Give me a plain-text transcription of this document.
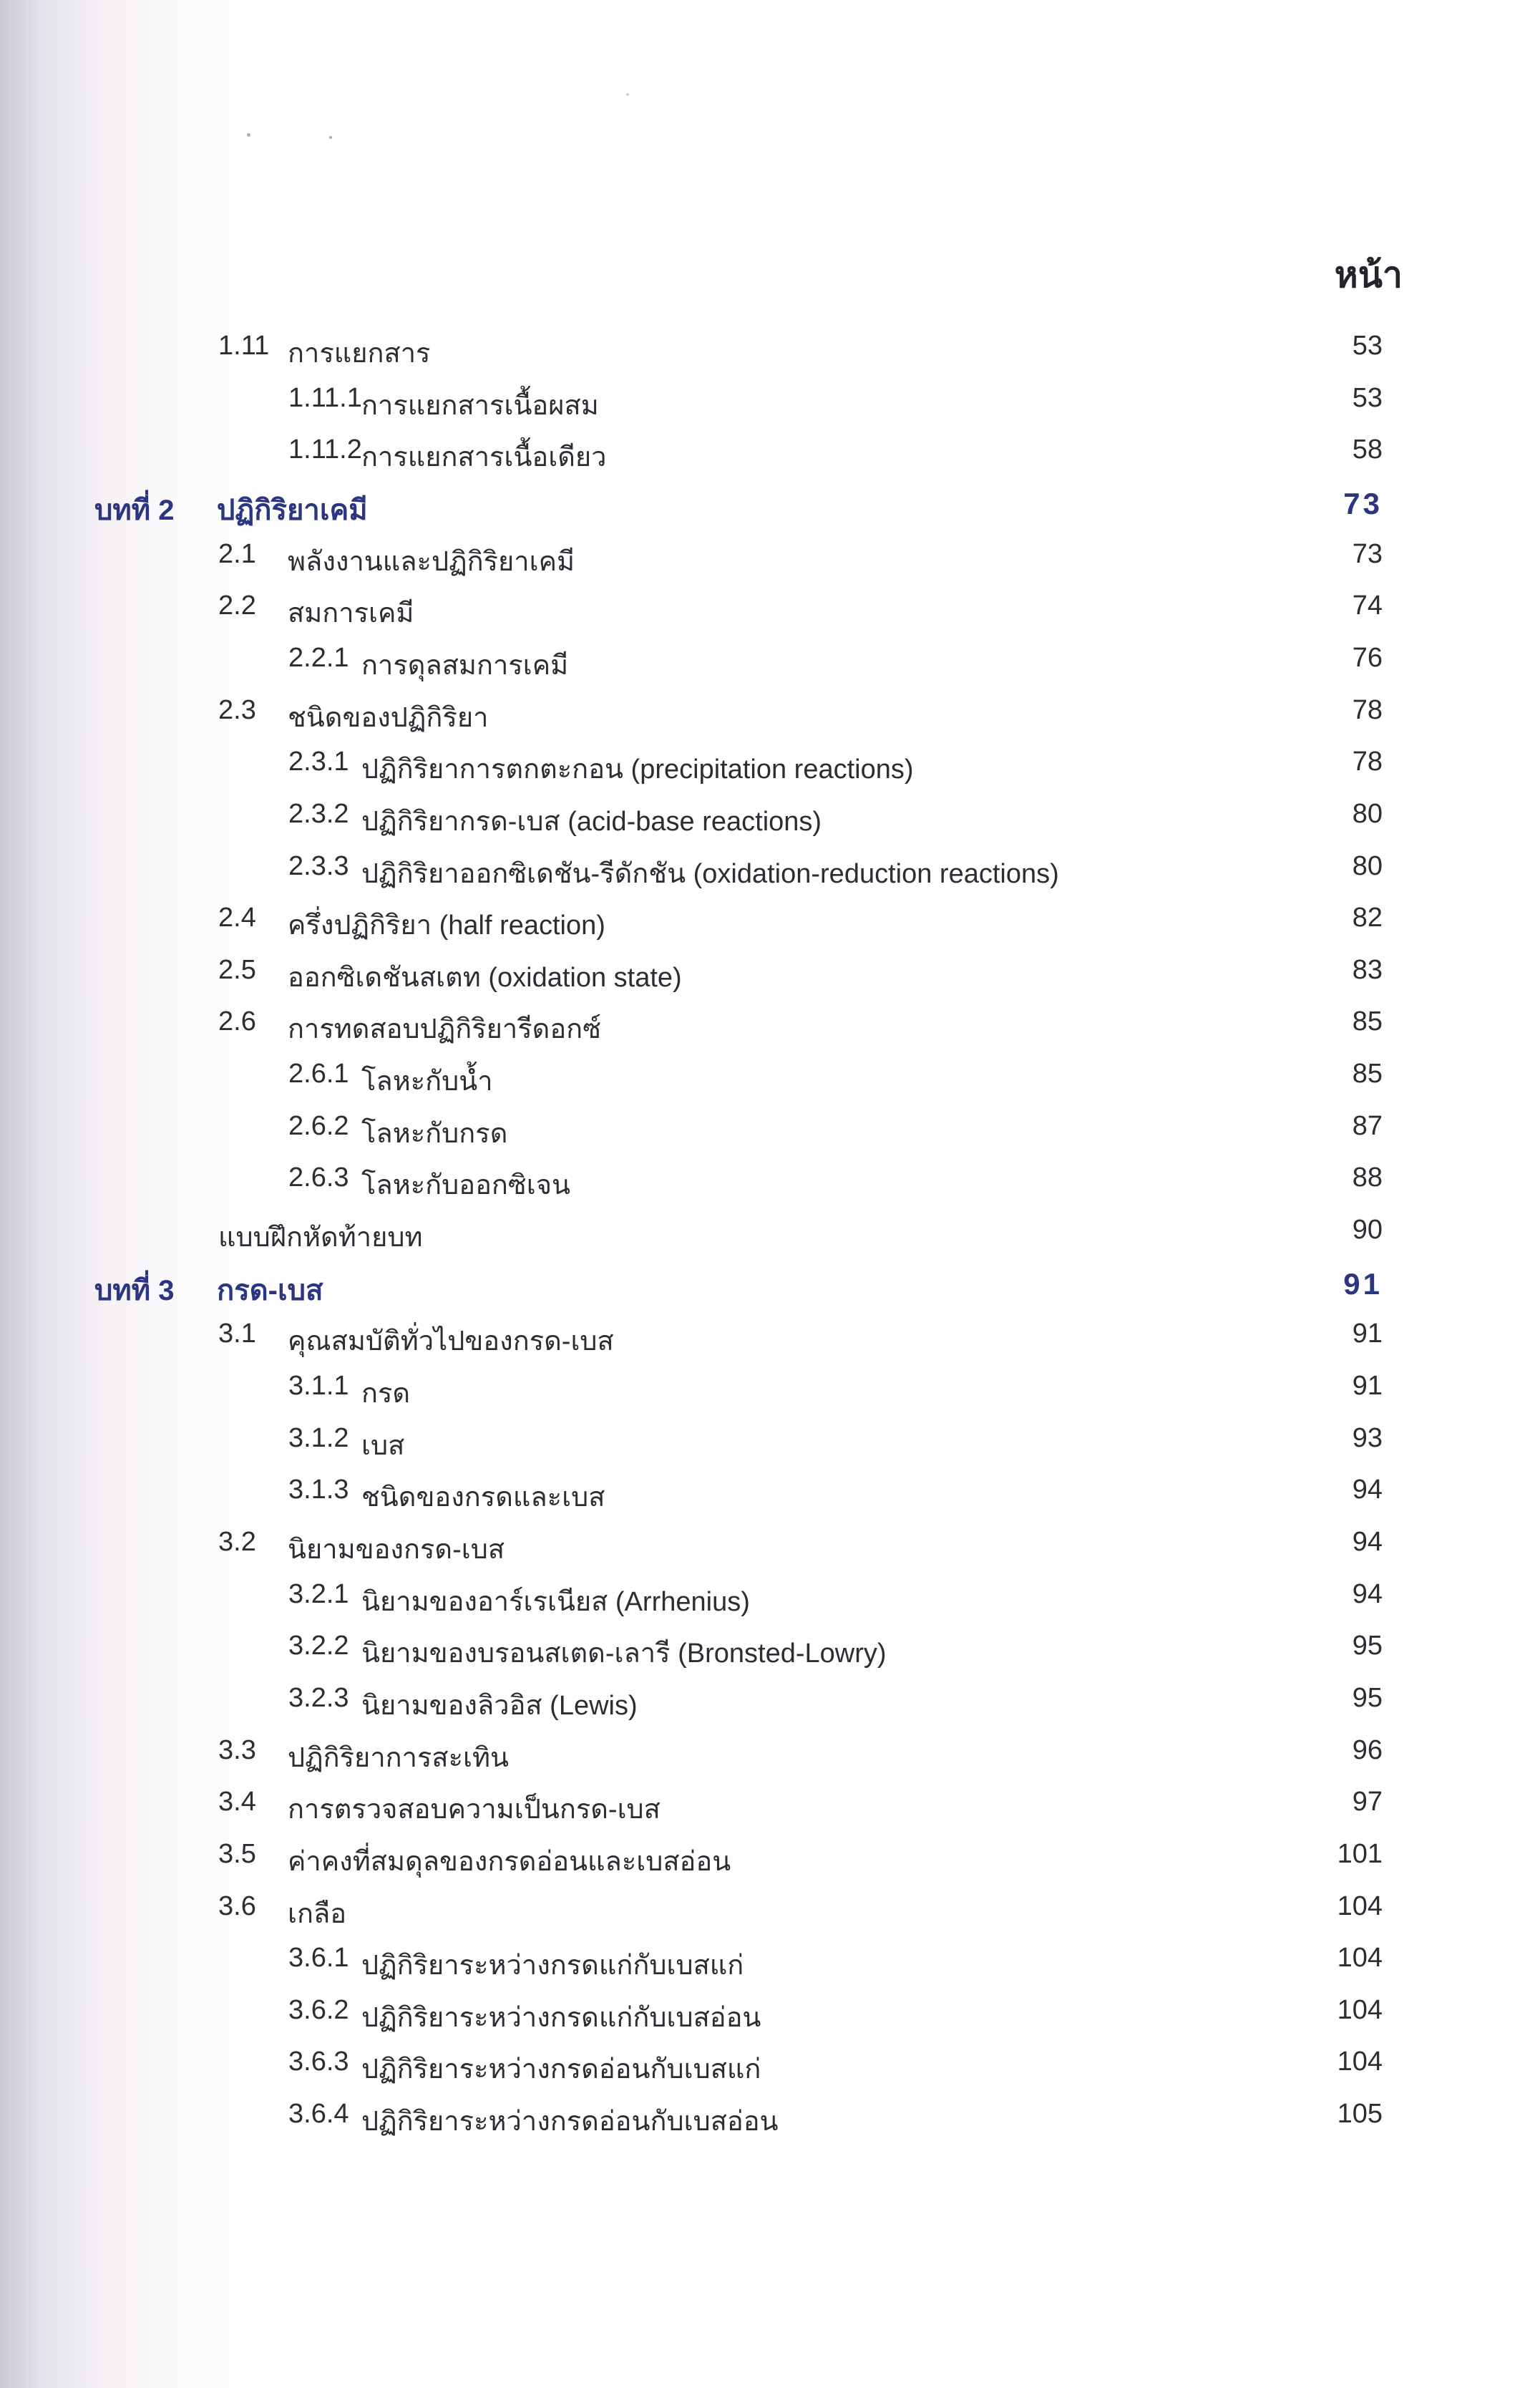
หน้า
1.11 การแยกสาร	53
1.11.1 การแยกสารเนื้อผสม	53
1.11.2 การแยกสารเนื้อเดียว	58
บทที่ 2 ปฏิกิริยาเคมี	73
2.1 พลังงานและปฏิกิริยาเคมี	73
2.2 สมการเคมี	74
2.2.1 การดุลสมการเคมี	76
2.3 ชนิดของปฏิกิริยา	78
2.3.1 ปฏิกิริยาการตกตะกอน (precipitation reactions)	78
2.3.2 ปฏิกิริยากรด-เบส (acid-base reactions)	80
2.3.3 ปฏิกิริยาออกซิเดชัน-รีดักชัน (oxidation-reduction reactions)	80
2.4 ครึ่งปฏิกิริยา (half reaction)	82
2.5 ออกซิเดชันสเตท (oxidation state)	83
2.6 การทดสอบปฏิกิริยารีดอกซ์	85
2.6.1 โลหะกับน้ำ	85
2.6.2 โลหะกับกรด	87
2.6.3 โลหะกับออกซิเจน	88
แบบฝึกหัดท้ายบท	90
บทที่ 3 กรด-เบส	91
3.1 คุณสมบัติทั่วไปของกรด-เบส	91
3.1.1 กรด	91
3.1.2 เบส	93
3.1.3 ชนิดของกรดและเบส	94
3.2 นิยามของกรด-เบส	94
3.2.1 นิยามของอาร์เรเนียส (Arrhenius)	94
3.2.2 นิยามของบรอนสเตด-เลารี (Bronsted-Lowry)	95
3.2.3 นิยามของลิวอิส (Lewis)	95
3.3 ปฏิกิริยาการสะเทิน	96
3.4 การตรวจสอบความเป็นกรด-เบส	97
3.5 ค่าคงที่สมดุลของกรดอ่อนและเบสอ่อน	101
3.6 เกลือ	104
3.6.1 ปฏิกิริยาระหว่างกรดแก่กับเบสแก่	104
3.6.2 ปฏิกิริยาระหว่างกรดแก่กับเบสอ่อน	104
3.6.3 ปฏิกิริยาระหว่างกรดอ่อนกับเบสแก่	104
3.6.4 ปฏิกิริยาระหว่างกรดอ่อนกับเบสอ่อน	105
